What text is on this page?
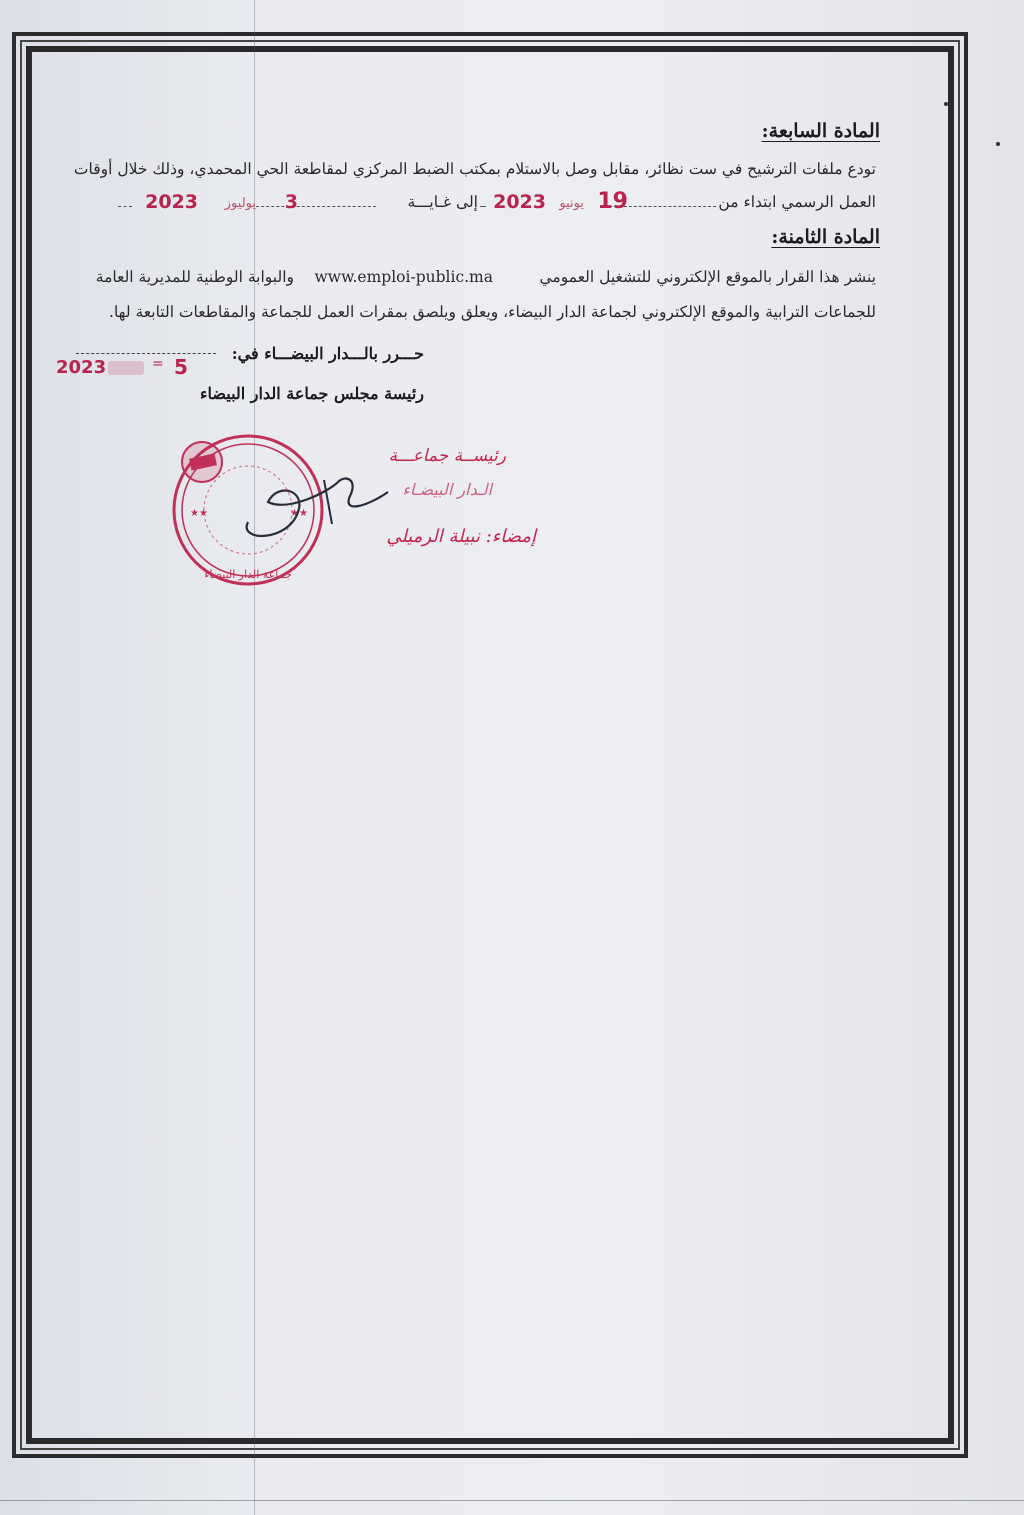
المادة السابعة:
تودع ملفات الترشيح في ست نظائر، مقابل وصل بالاستلام بمكتب الضبط المركزي لمقاطعة الحي المحمدي، وذلك خلال أوقات
العمل الرسمي ابتداء من
19
يونيو
2023
إلى غـايـــة
3
يوليوز
2023
المادة الثامنة:
ينشر هذا القرار بالموقع الإلكتروني للتشغيل العمومي
www.emploi-public.ma
والبوابة الوطنية للمديرية العامة
للجماعات الترابية والموقع الإلكتروني لجماعة الدار البيضاء، ويعلق ويلصق بمقرات العمل للجماعة والمقاطعات التابعة لها.
حـــرر بالـــدار البيضـــاء في:
2023	= 5
رئيسة مجلس جماعة الدار البيضاء
رئيســة جماعـــة
الـدار البيضـاء
إمضاء: نبيلة الرميلي
جماعة الدار البيضاء
★★	★★
